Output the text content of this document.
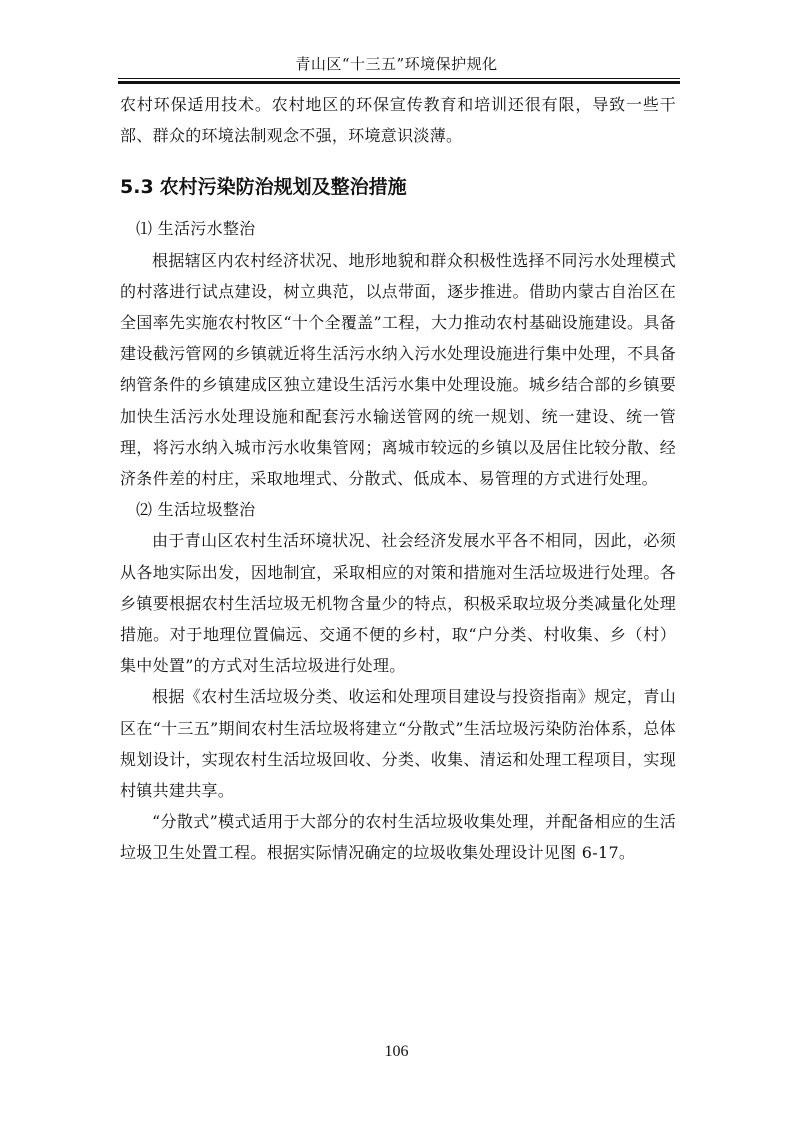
青山区“十三五”环境保护规化

农村环保适用技术。农村地区的环保宣传教育和培训还很有限，导致一些干部、群众的环境法制观念不强，环境意识淡薄。

5.3 农村污染防治规划及整治措施

⑴ 生活污水整治

根据辖区内农村经济状况、地形地貌和群众积极性选择不同污水处理模式的村落进行试点建设，树立典范，以点带面，逐步推进。借助内蒙古自治区在全国率先实施农村牧区“十个全覆盖”工程，大力推动农村基础设施建设。具备建设截污管网的乡镇就近将生活污水纳入污水处理设施进行集中处理，不具备纳管条件的乡镇建成区独立建设生活污水集中处理设施。城乡结合部的乡镇要加快生活污水处理设施和配套污水输送管网的统一规划、统一建设、统一管理，将污水纳入城市污水收集管网；离城市较远的乡镇以及居住比较分散、经济条件差的村庄，采取地埋式、分散式、低成本、易管理的方式进行处理。

⑵ 生活垃圾整治

由于青山区农村生活环境状况、社会经济发展水平各不相同，因此，必须从各地实际出发，因地制宜，采取相应的对策和措施对生活垃圾进行处理。各乡镇要根据农村生活垃圾无机物含量少的特点，积极采取垃圾分类减量化处理措施。对于地理位置偏远、交通不便的乡村，取“户分类、村收集、乡（村）集中处置”的方式对生活垃圾进行处理。

根据《农村生活垃圾分类、收运和处理项目建设与投资指南》规定，青山区在“十三五”期间农村生活垃圾将建立“分散式”生活垃圾污染防治体系，总体规划设计，实现农村生活垃圾回收、分类、收集、清运和处理工程项目，实现村镇共建共享。

“分散式”模式适用于大部分的农村生活垃圾收集处理，并配备相应的生活垃圾卫生处置工程。根据实际情况确定的垃圾收集处理设计见图 6-17。

106
